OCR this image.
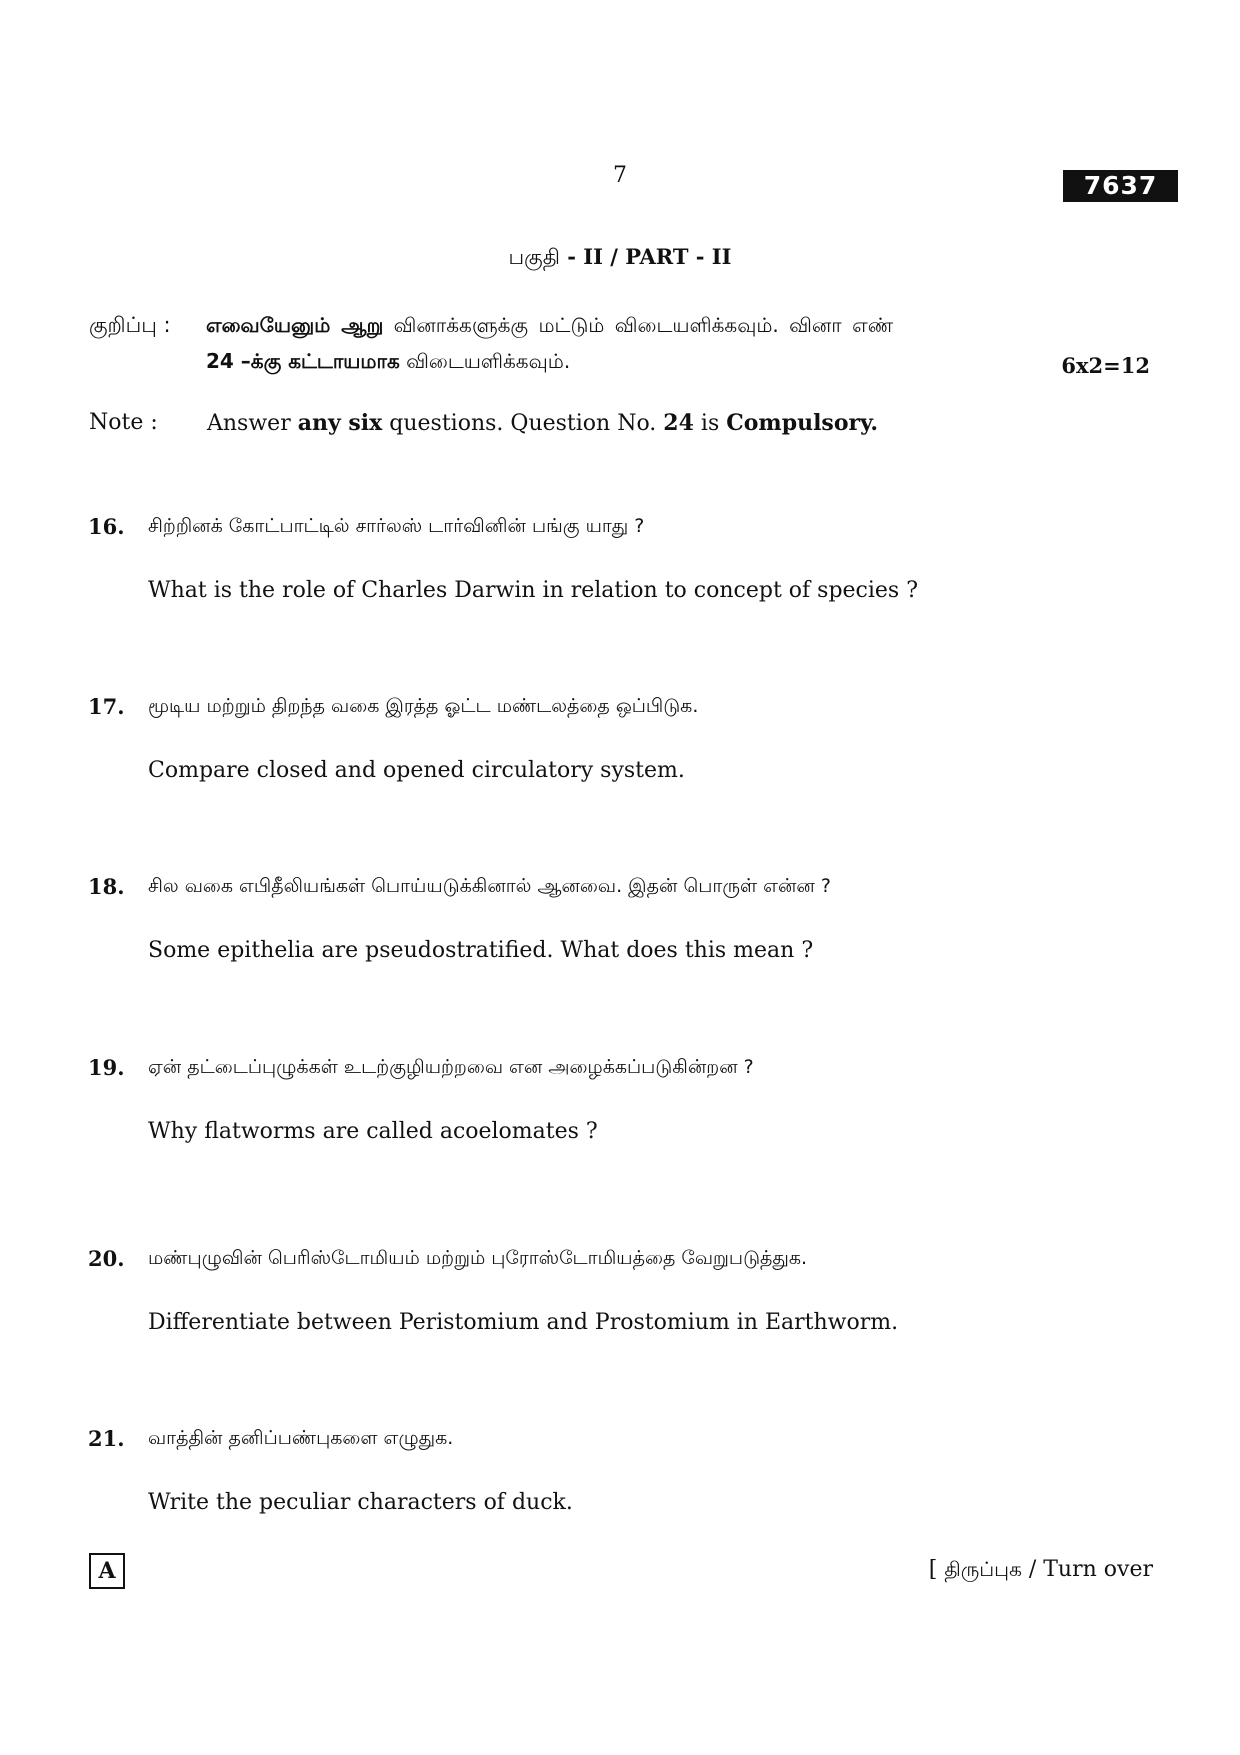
7	7637
பகுதி - II / PART - II
குறிப்பு : எவையேனும் ஆறு வினாக்களுக்கு மட்டும் விடையளிக்கவும். வினா எண்
24 –க்கு கட்டாயமாக விடையளிக்கவும்.	6x2=12
Note : Answer any six questions. Question No. 24 is Compulsory.
16.	சிற்றினக் கோட்பாட்டில் சார்லஸ் டார்வினின் பங்கு யாது ?
What is the role of Charles Darwin in relation to concept of species ?
17.	மூடிய மற்றும் திறந்த வகை இரத்த ஓட்ட மண்டலத்தை ஒப்பிடுக.
Compare closed and opened circulatory system.
18.	சில வகை எபிதீலியங்கள் பொய்யடுக்கினால் ஆனவை. இதன் பொருள் என்ன ?
Some epithelia are pseudostratified. What does this mean ?
19.	ஏன் தட்டைப்புழுக்கள் உடற்குழியற்றவை என அழைக்கப்படுகின்றன ?
Why flatworms are called acoelomates ?
20.	மண்புழுவின் பெரிஸ்டோமியம் மற்றும் புரோஸ்டோமியத்தை வேறுபடுத்துக.
Differentiate between Peristomium and Prostomium in Earthworm.
21.	வாத்தின் தனிப்பண்புகளை எழுதுக.
Write the peculiar characters of duck.
A	[ திருப்புக / Turn over
